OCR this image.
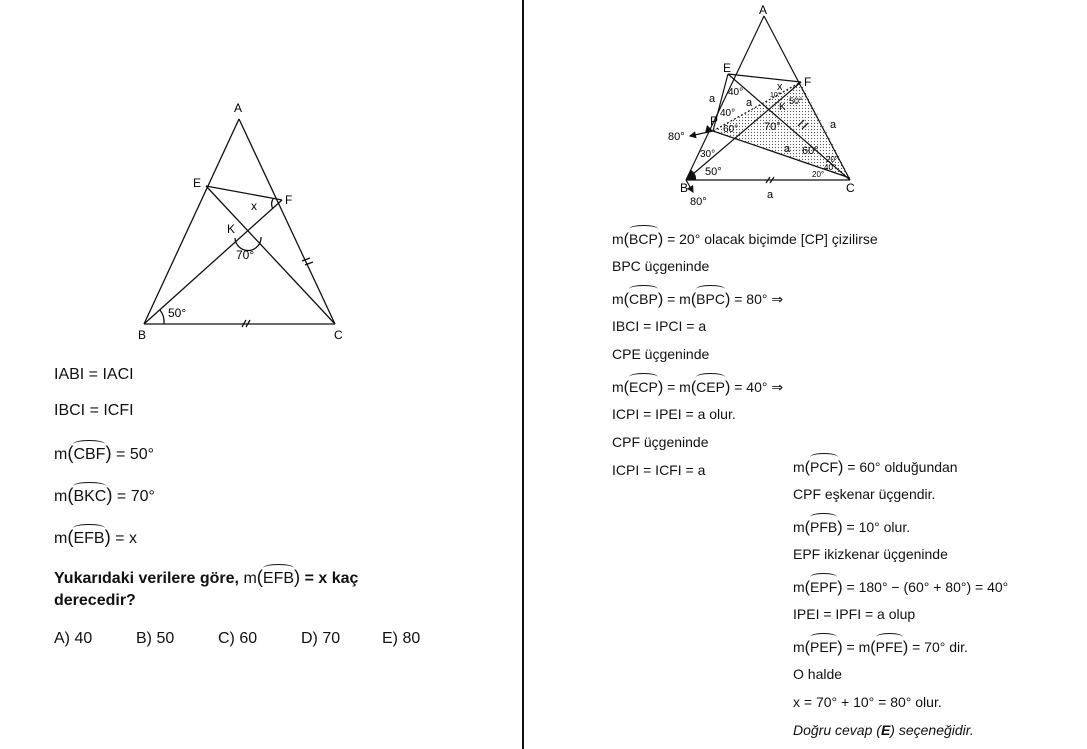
A
E
F
K
B	C
x
70°
50°
IABI = IACI
IBCI = ICFI
m(CBF) = 50°
m(BKC) = 70°
m(EFB) = x
Yukarıdaki verilere göre, m(EFB) = x kaç
derecedir?
A) 40	B) 50	C) 60	D) 70	E) 80
A
E
F
P
K
B	C
x
a	a
a
a
a
40°
40°
60° 70°
50°
60°
20°
40°
20°
30°
50°
10°
80°
80°
m(BCP) = 20° olacak biçimde [CP] çizilirse
BPC üçgeninde
m(CBP) = m(BPC) = 80° ⇒
IBCI = IPCI = a
CPE üçgeninde
m(ECP) = m(CEP) = 40° ⇒
ICPI = IPEI = a olur.
CPF üçgeninde
ICPI = ICFI = a	m(PCF) = 60° olduğundan
CPF eşkenar üçgendir.
m(PFB) = 10° olur.
EPF ikizkenar üçgeninde
m(EPF) = 180° − (60° + 80°) = 40°
IPEI = IPFI = a olup
m(PEF) = m(PFE) = 70° dir.
O halde
x = 70° + 10° = 80° olur.
Doğru cevap (E) seçeneğidir.
